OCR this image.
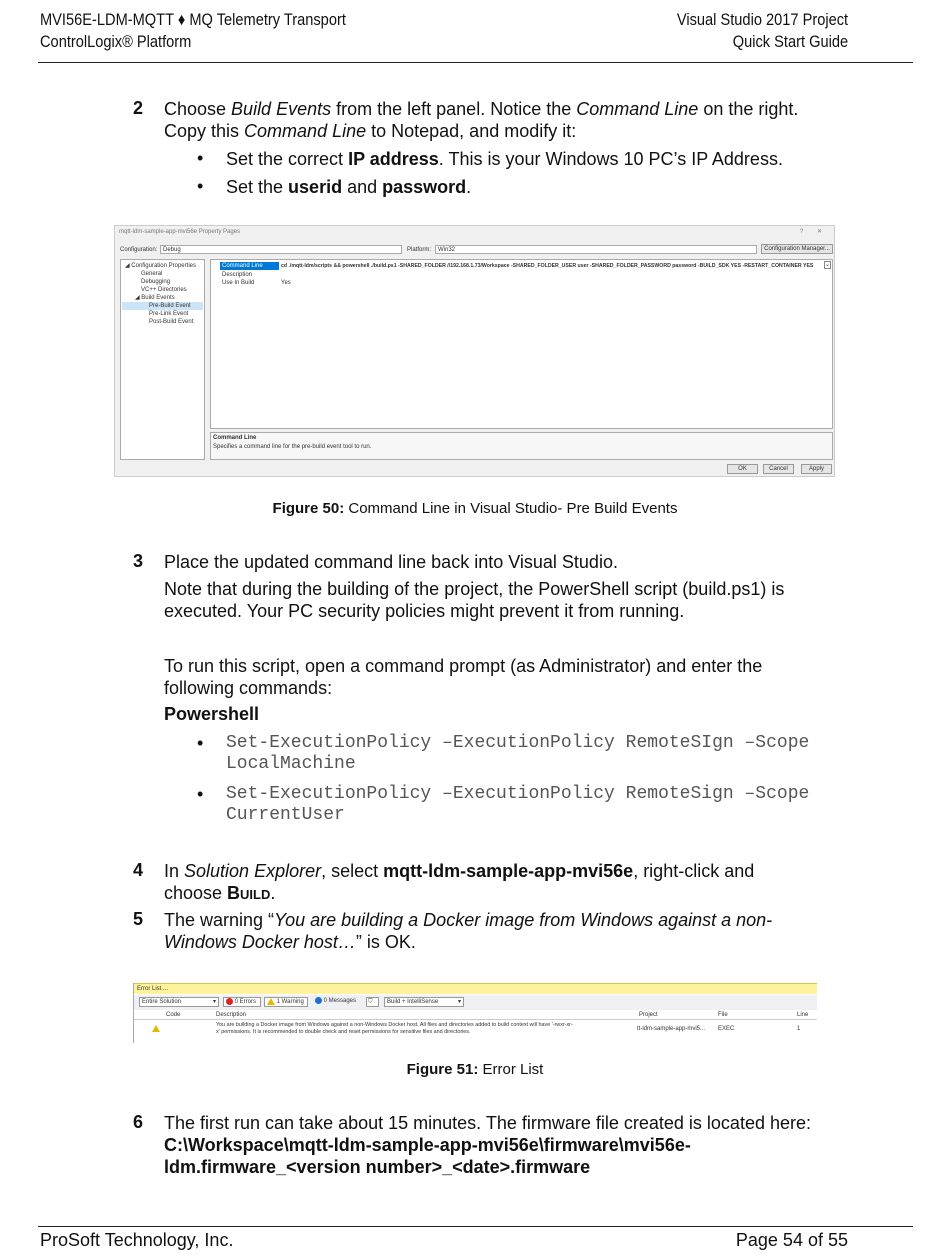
MVI56E-LDM-MQTT ♦ MQ Telemetry Transport
ControlLogix® Platform
Visual Studio 2017 Project
Quick Start Guide
2 Choose Build Events from the left panel. Notice the Command Line on the right.
Copy this Command Line to Notepad, and modify it:
• Set the correct IP address. This is your Windows 10 PC’s IP Address.
• Set the userid and password.
mqtt-ldm-sample-app-mvi56e Property Pages	? ✕
Configuration: Debug	Platform:	Win32	Configuration Manager...
◢ Configuration Properties
General
Debugging
VC++ Directories
◢ Build Events
Pre-Build Event
Pre-Link Event
Post-Build Event
Command Line	cd ./mqtt-ldm/scripts && powershell ./build.ps1 -SHARED_FOLDER //192.168.1.73/Workspace -SHARED_FOLDER_USER user -SHARED_FOLDER_PASSWORD password -BUILD_SDK YES -RESTART_CONTAINER YES ⌄
Description
Use In Build	Yes
Command Line
Specifies a command line for the pre-build event tool to run.
OK	Cancel	Apply
Figure 50: Command Line in Visual Studio- Pre Build Events
3 Place the updated command line back into Visual Studio.
Note that during the building of the project, the PowerShell script (build.ps1) is
executed. Your PC security policies might prevent it from running.
To run this script, open a command prompt (as Administrator) and enter the
following commands:
Powershell
• Set-ExecutionPolicy –ExecutionPolicy RemoteSIgn –Scope
LocalMachine
• Set-ExecutionPolicy –ExecutionPolicy RemoteSign –Scope
CurrentUser
4 In Solution Explorer, select mqtt-ldm-sample-app-mvi56e, right-click and
choose Build.
5 The warning “You are building a Docker image from Windows against a non-
Windows Docker host…” is OK.
Error List ...
Entire Solution	▾	0 Errors	1 Warning	0 Messages	⛉	Build + IntelliSense	▾
Code	Description	Project	File	Line
You are building a Docker image from Windows against a non-Windows Docker host. All files and directories added to build context will have '-rwxr-xr-
x' permissions. It is recommended to double check and reset permissions for sensitive files and directories.	tt-ldm-sample-app-mvi5... EXEC	1
Figure 51: Error List
6 The first run can take about 15 minutes. The firmware file created is located here:
C:\Workspace\mqtt-ldm-sample-app-mvi56e\firmware\mvi56e-
ldm.firmware_<version number>_<date>.firmware
ProSoft Technology, Inc.	Page 54 of 55
